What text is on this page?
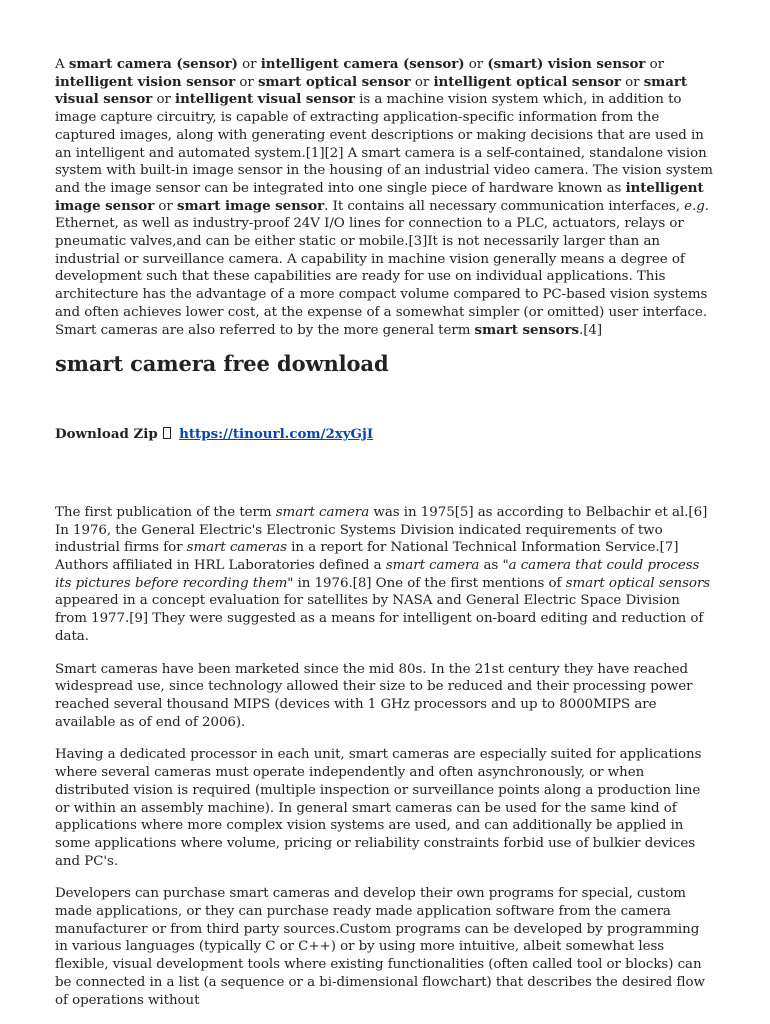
A smart camera (sensor) or intelligent camera (sensor) or (smart) vision sensor or intelligent vision sensor or smart optical sensor or intelligent optical sensor or smart visual sensor or intelligent visual sensor is a machine vision system which, in addition to image capture circuitry, is capable of extracting application-specific information from the captured images, along with generating event descriptions or making decisions that are used in an intelligent and automated system.[1][2] A smart camera is a self-contained, standalone vision system with built-in image sensor in the housing of an industrial video camera. The vision system and the image sensor can be integrated into one single piece of hardware known as intelligent image sensor or smart image sensor. It contains all necessary communication interfaces, e.g. Ethernet, as well as industry-proof 24V I/O lines for connection to a PLC, actuators, relays or pneumatic valves,and can be either static or mobile.[3]It is not necessarily larger than an industrial or surveillance camera. A capability in machine vision generally means a degree of development such that these capabilities are ready for use on individual applications. This architecture has the advantage of a more compact volume compared to PC-based vision systems and often achieves lower cost, at the expense of a somewhat simpler (or omitted) user interface. Smart cameras are also referred to by the more general term smart sensors.[4]

smart camera free download
Download Zip https://tinourl.com/2xyGjI

The first publication of the term smart camera was in 1975[5] as according to Belbachir et al.[6] In 1976, the General Electric's Electronic Systems Division indicated requirements of two industrial firms for smart cameras in a report for National Technical Information Service.[7] Authors affiliated in HRL Laboratories defined a smart camera as "a camera that could process its pictures before recording them" in 1976.[8] One of the first mentions of smart optical sensors appeared in a concept evaluation for satellites by NASA and General Electric Space Division from 1977.[9] They were suggested as a means for intelligent on-board editing and reduction of data.

Smart cameras have been marketed since the mid 80s. In the 21st century they have reached widespread use, since technology allowed their size to be reduced and their processing power reached several thousand MIPS (devices with 1 GHz processors and up to 8000MIPS are available as of end of 2006).

Having a dedicated processor in each unit, smart cameras are especially suited for applications where several cameras must operate independently and often asynchronously, or when distributed vision is required (multiple inspection or surveillance points along a production line or within an assembly machine). In general smart cameras can be used for the same kind of applications where more complex vision systems are used, and can additionally be applied in some applications where volume, pricing or reliability constraints forbid use of bulkier devices and PC's.

Developers can purchase smart cameras and develop their own programs for special, custom made applications, or they can purchase ready made application software from the camera manufacturer or from third party sources.Custom programs can be developed by programming in various languages (typically C or C++) or by using more intuitive, albeit somewhat less flexible, visual development tools where existing functionalities (often called tool or blocks) can be connected in a list (a sequence or a bi-dimensional flowchart) that describes the desired flow of operations without
